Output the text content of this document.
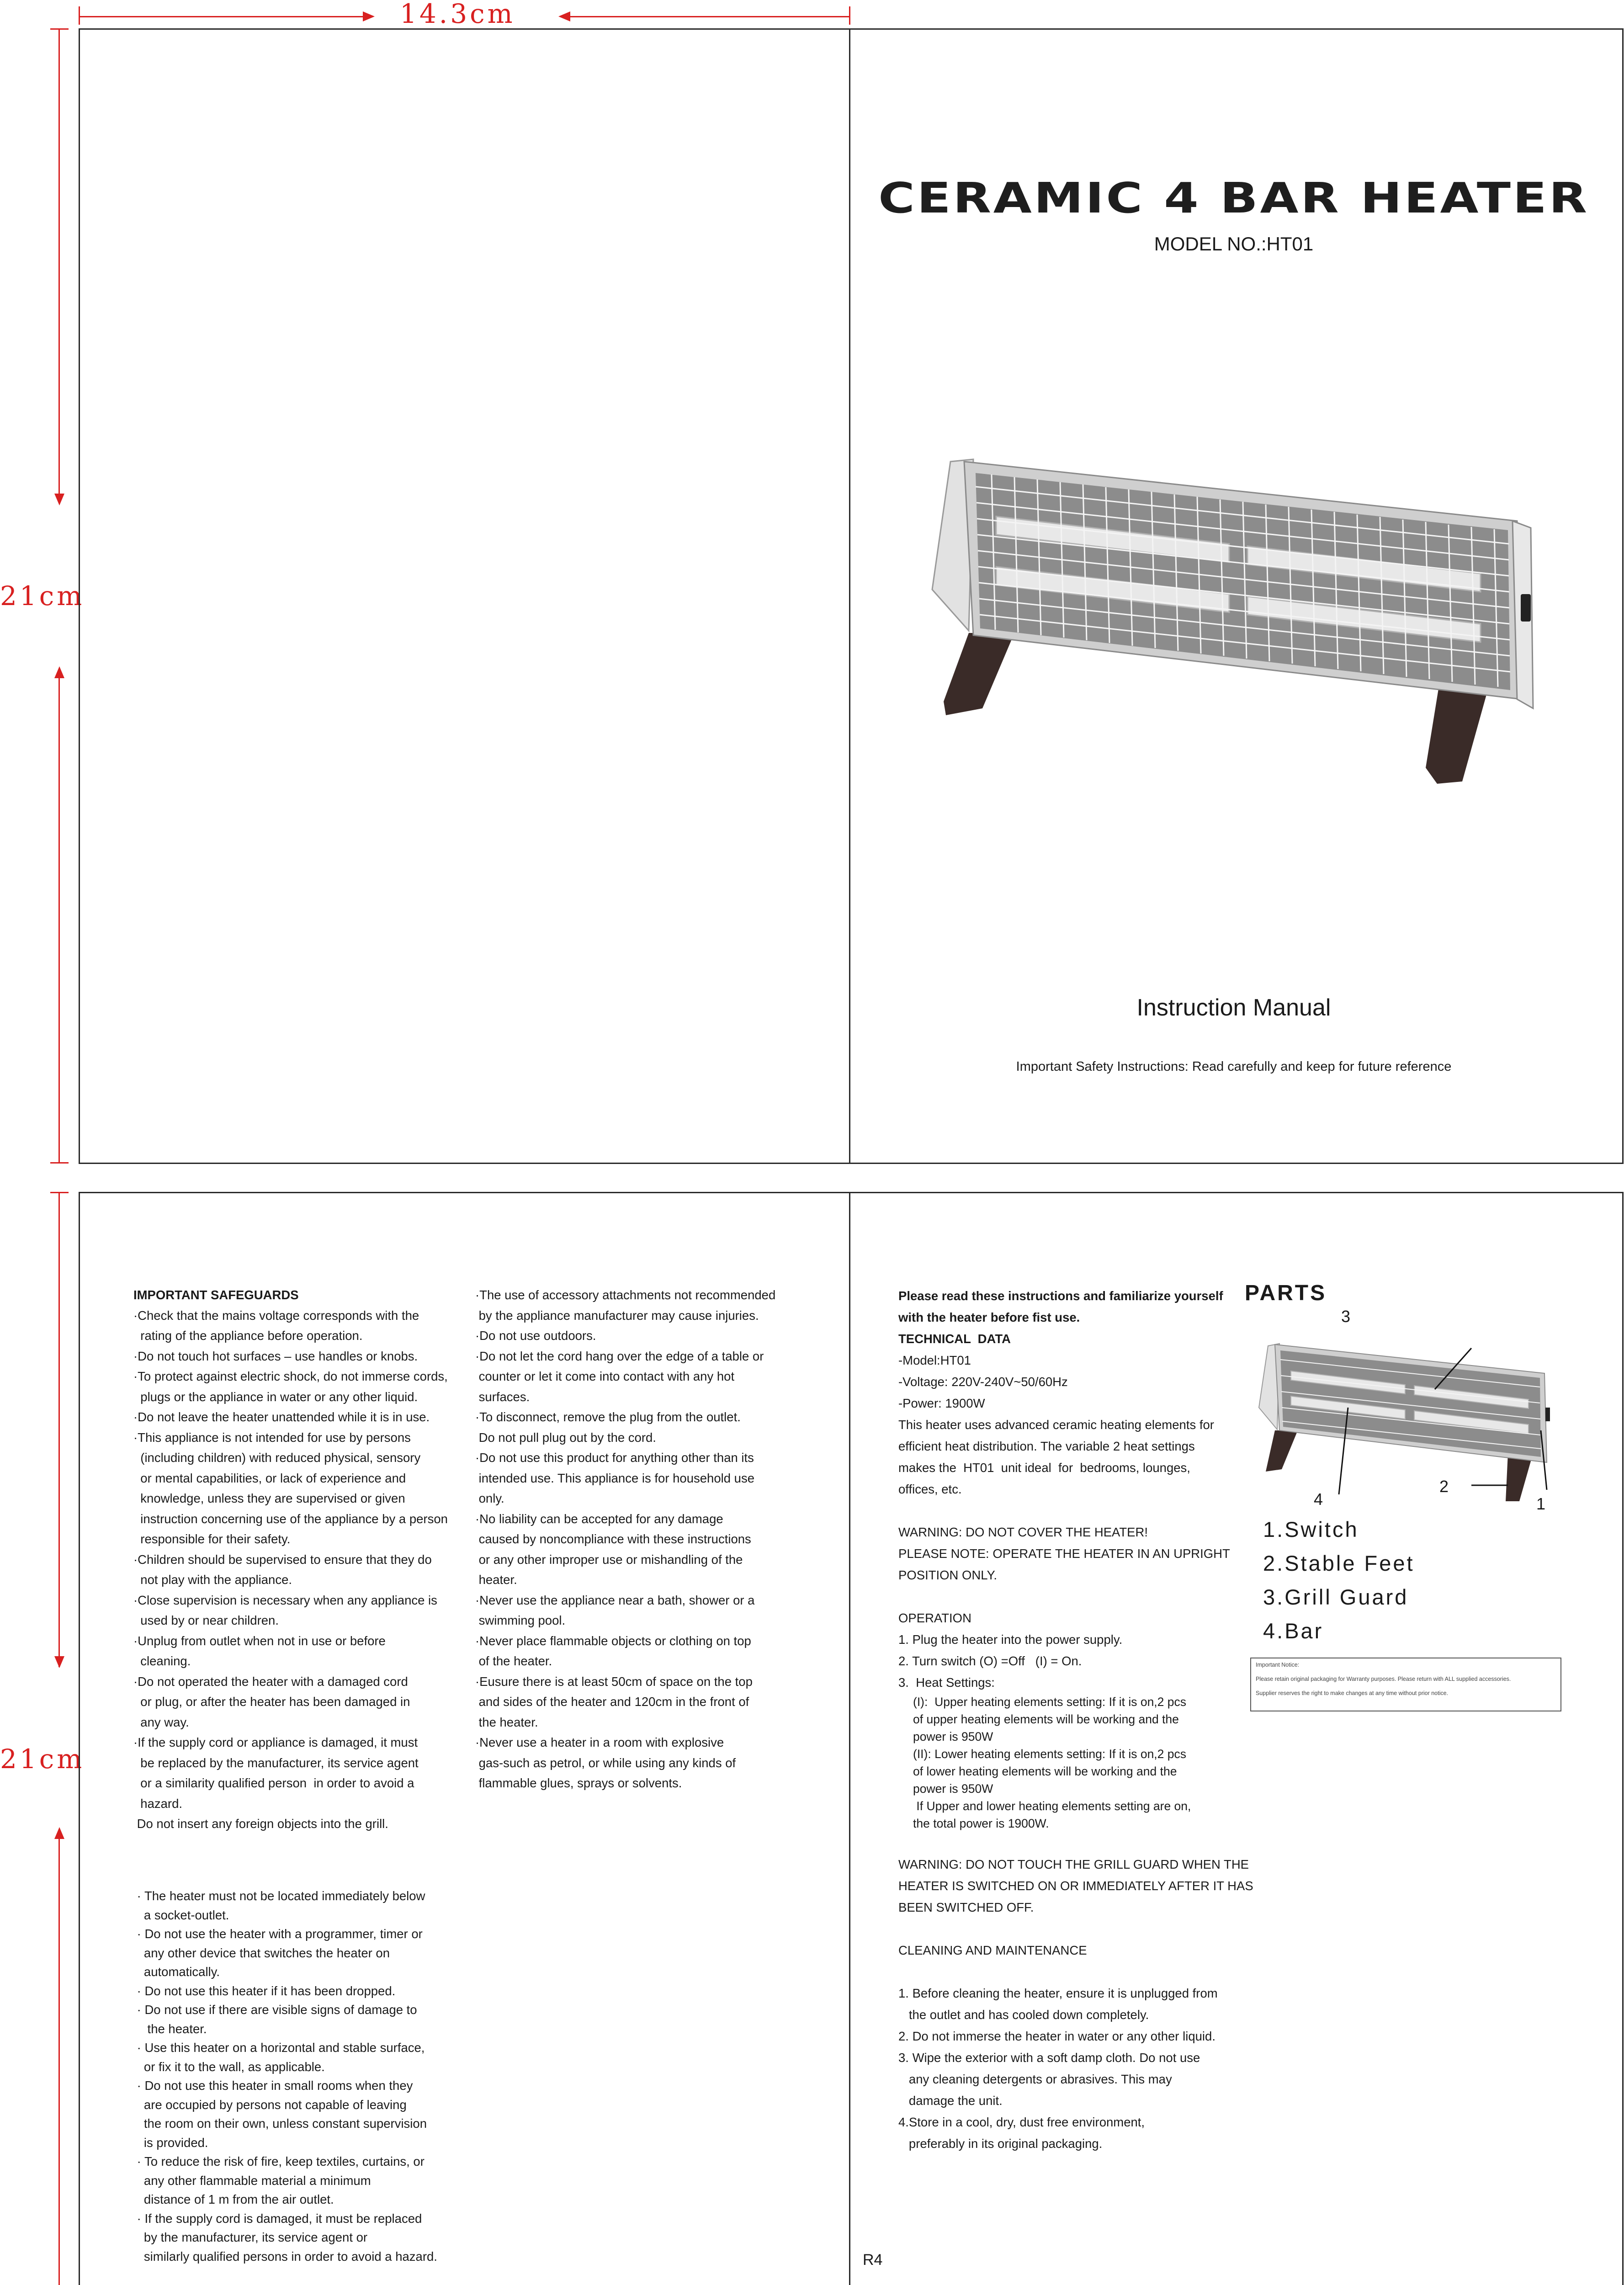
14.3cm
21cm
21cm
CERAMIC 4 BAR HEATER
MODEL NO.:HT01
Instruction Manual
Important Safety Instructions: Read carefully and keep for future reference
IMPORTANT SAFEGUARDS
·Check that the mains voltage corresponds with the
rating of the appliance before operation.
·Do not touch hot surfaces – use handles or knobs.
·To protect against electric shock, do not immerse cords,
plugs or the appliance in water or any other liquid.
·Do not leave the heater unattended while it is in use.
·This appliance is not intended for use by persons
(including children) with reduced physical, sensory
or mental capabilities, or lack of experience and
knowledge, unless they are supervised or given
instruction concerning use of the appliance by a person
responsible for their safety.
·Children should be supervised to ensure that they do
not play with the appliance.
·Close supervision is necessary when any appliance is
used by or near children.
·Unplug from outlet when not in use or before
cleaning.
·Do not operated the heater with a damaged cord
or plug, or after the heater has been damaged in
any way.
·If the supply cord or appliance is damaged, it must
be replaced by the manufacturer, its service agent
or a similarity qualified person  in order to avoid a
hazard.
Do not insert any foreign objects into the grill.
· The heater must not be located immediately below
a socket-outlet.
· Do not use the heater with a programmer, timer or
any other device that switches the heater on
automatically.
· Do not use this heater if it has been dropped.
· Do not use if there are visible signs of damage to
the heater.
· Use this heater on a horizontal and stable surface,
or fix it to the wall, as applicable.
· Do not use this heater in small rooms when they
are occupied by persons not capable of leaving
the room on their own, unless constant supervision
is provided.
· To reduce the risk of fire, keep textiles, curtains, or
any other flammable material a minimum
distance of 1 m from the air outlet.
· If the supply cord is damaged, it must be replaced
by the manufacturer, its service agent or
similarly qualified persons in order to avoid a hazard.
·The use of accessory attachments not recommended
by the appliance manufacturer may cause injuries.
·Do not use outdoors.
·Do not let the cord hang over the edge of a table or
counter or let it come into contact with any hot
surfaces.
·To disconnect, remove the plug from the outlet.
Do not pull plug out by the cord.
·Do not use this product for anything other than its
intended use. This appliance is for household use
only.
·No liability can be accepted for any damage
caused by noncompliance with these instructions
or any other improper use or mishandling of the
heater.
·Never use the appliance near a bath, shower or a
swimming pool.
·Never place flammable objects or clothing on top
of the heater.
·Eusure there is at least 50cm of space on the top
and sides of the heater and 120cm in the front of
the heater.
·Never use a heater in a room with explosive
gas-such as petrol, or while using any kinds of
flammable glues, sprays or solvents.
Please read these instructions and familiarize yourself
with the heater before fist use.
TECHNICAL  DATA
-Model:HT01
-Voltage: 220V-240V~50/60Hz
-Power: 1900W
This heater uses advanced ceramic heating elements for
efficient heat distribution. The variable 2 heat settings
makes the  HT01  unit ideal  for  bedrooms, lounges,
offices, etc.
WARNING: DO NOT COVER THE HEATER!
PLEASE NOTE: OPERATE THE HEATER IN AN UPRIGHT
POSITION ONLY.
OPERATION
1. Plug the heater into the power supply.
2. Turn switch (O) =Off   (I) = On.
3.  Heat Settings:
(I):  Upper heating elements setting: If it is on,2 pcs
of upper heating elements will be working and the
power is 950W
(II): Lower heating elements setting: If it is on,2 pcs
of lower heating elements will be working and the
power is 950W
If Upper and lower heating elements setting are on,
the total power is 1900W.
WARNING: DO NOT TOUCH THE GRILL GUARD WHEN THE
HEATER IS SWITCHED ON OR IMMEDIATELY AFTER IT HAS
BEEN SWITCHED OFF.
CLEANING AND MAINTENANCE
1. Before cleaning the heater, ensure it is unplugged from
the outlet and has cooled down completely.
2. Do not immerse the heater in water or any other liquid.
3. Wipe the exterior with a soft damp cloth. Do not use
any cleaning detergents or abrasives. This may
damage the unit.
4.Store in a cool, dry, dust free environment,
preferably in its original packaging.
PARTS
3
4
2
1
1.Switch
2.Stable Feet
3.Grill Guard
4.Bar
Important Notice:
Please retain original packaging for Warranty purposes. Please return with ALL supplied accessories.
Supplier reserves the right to make changes at any time without prior notice.
R4
